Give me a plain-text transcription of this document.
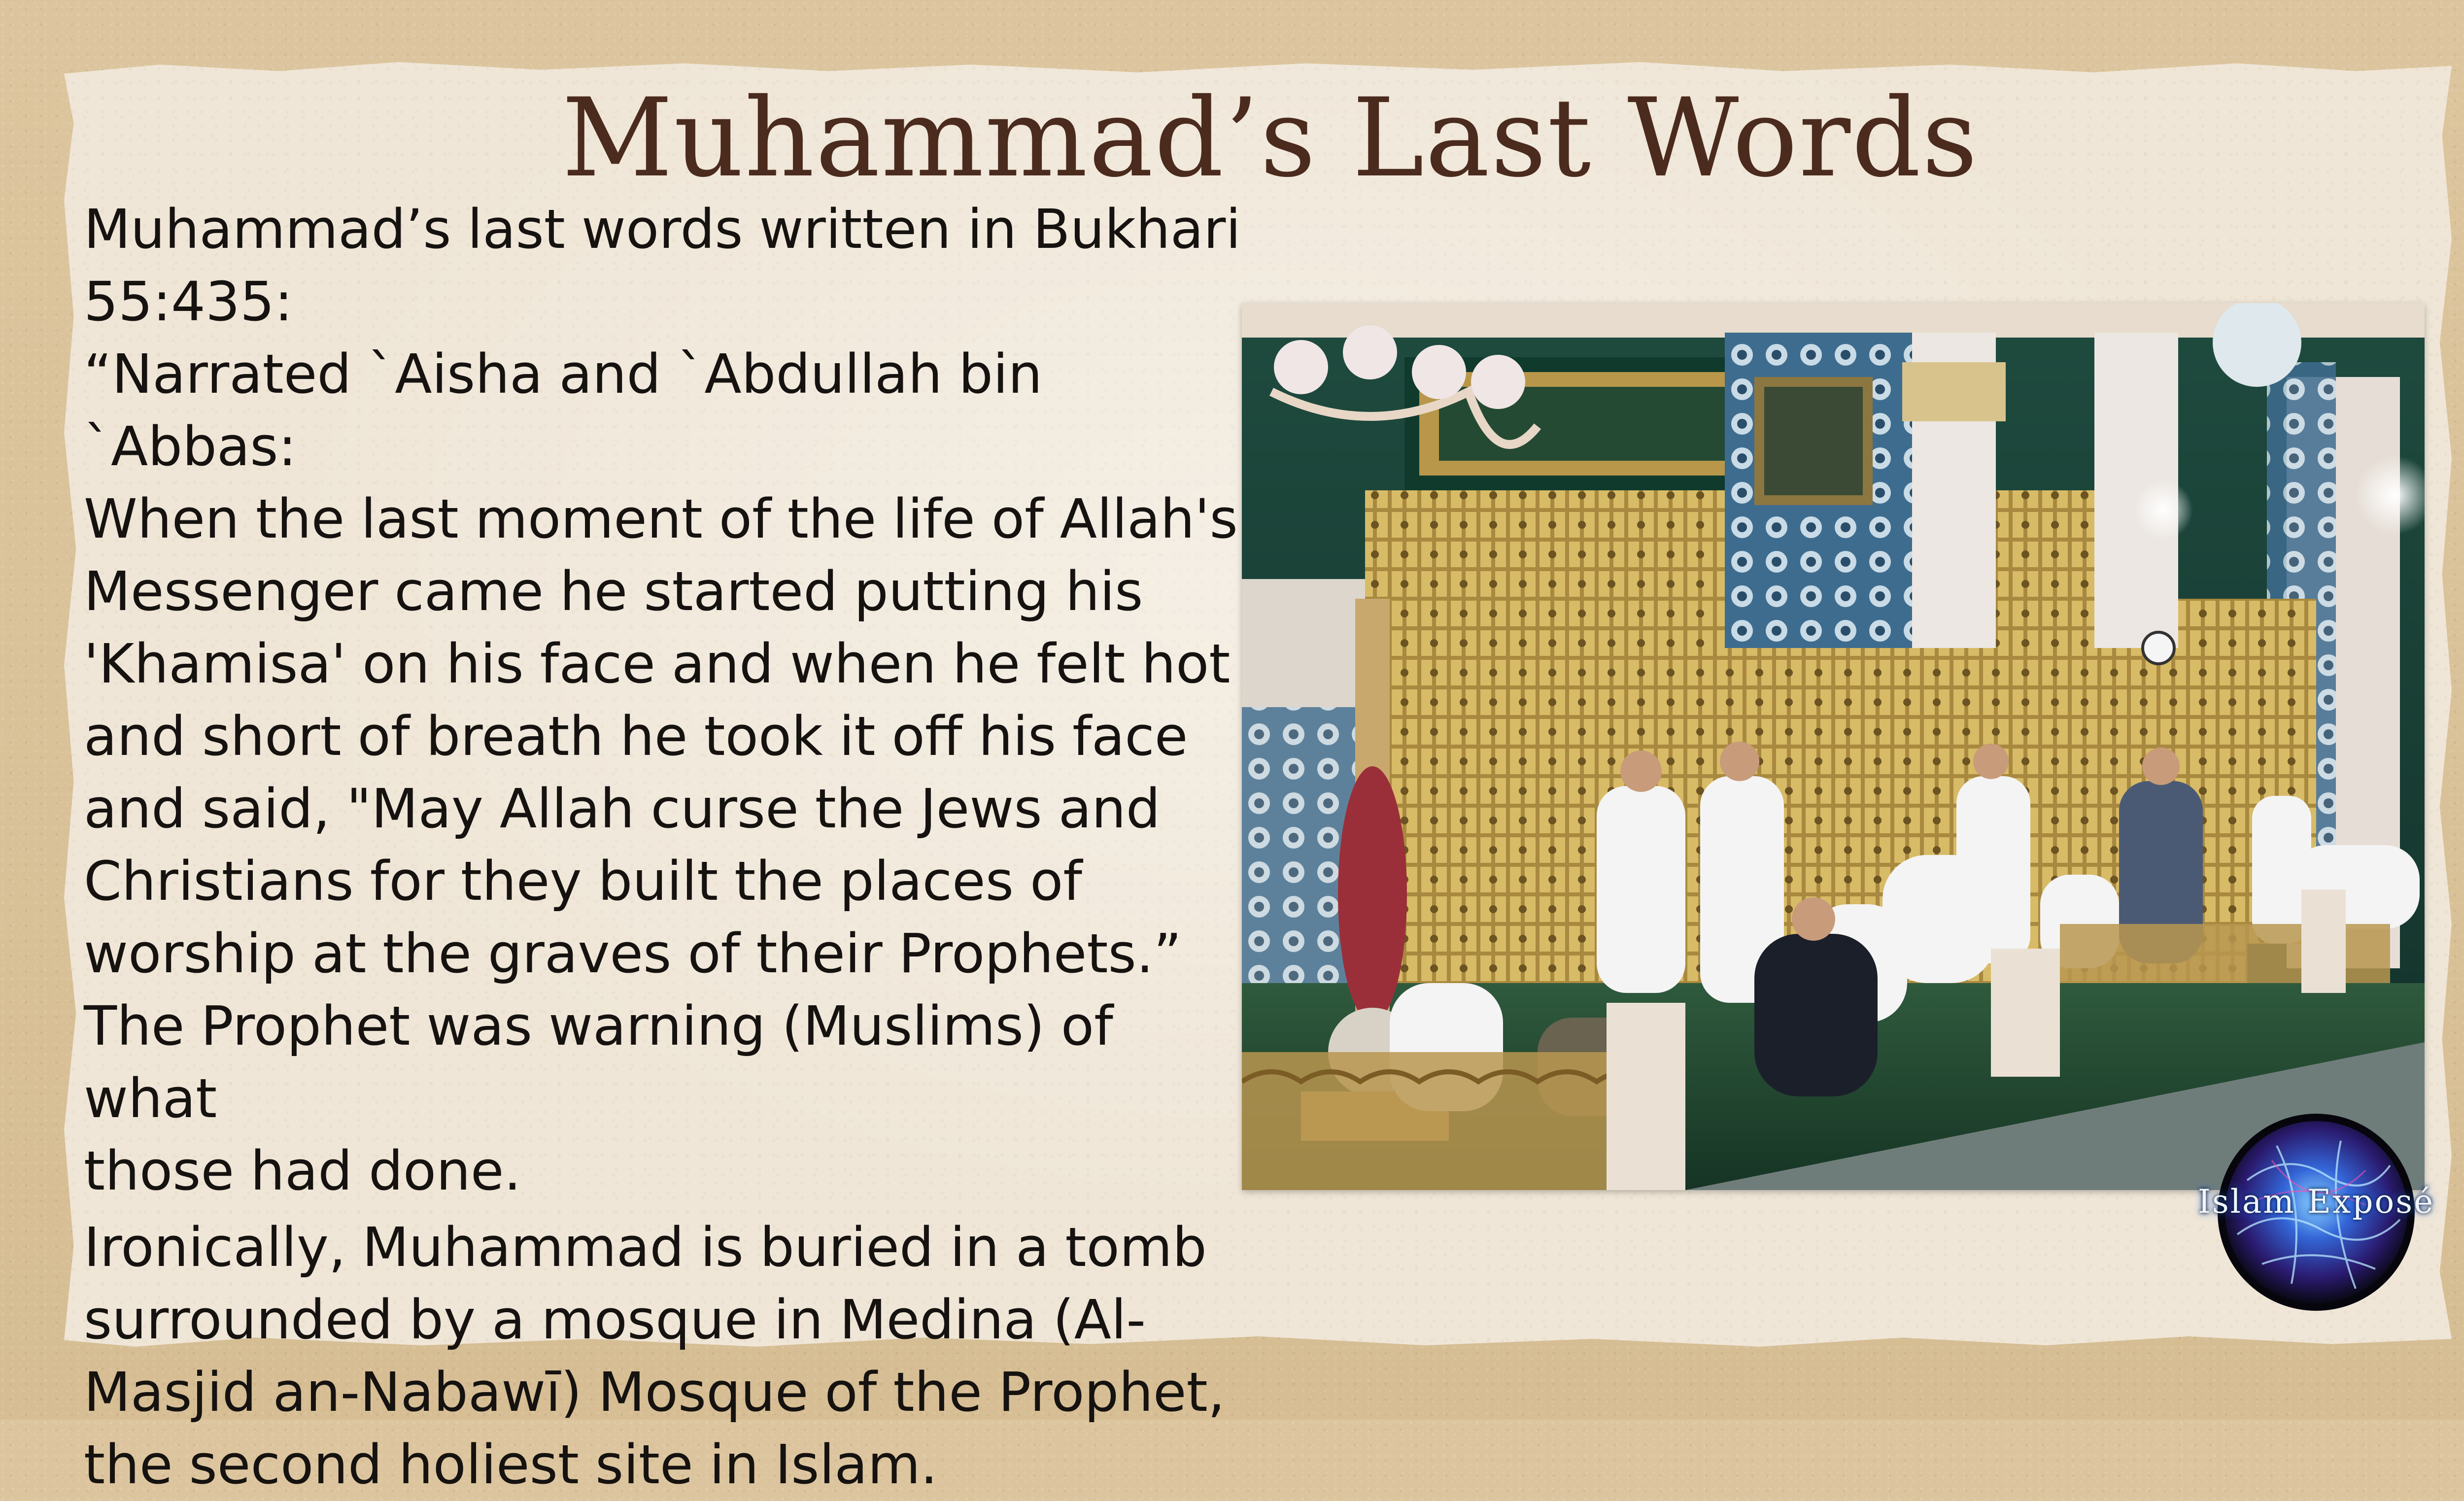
Muhammad’s Last Words

Muhammad’s last words written in Bukhari

55:435:

“Narrated `Aisha and `Abdullah bin `Abbas:

When the last moment of the life of Allah's

Messenger came he started putting his

'Khamisa' on his face and when he felt hot

and short of breath he took it off his face

and said, "May Allah curse the Jews and

Christians for they built the places of

worship at the graves of their Prophets.”

The Prophet was warning (Muslims) of what

those had done.

Ironically, Muhammad is buried in a tomb

surrounded by a mosque in Medina (Al-

Masjid an-Nabawī) Mosque of the Prophet,

the second holiest site in Islam.

Islam Exposé
